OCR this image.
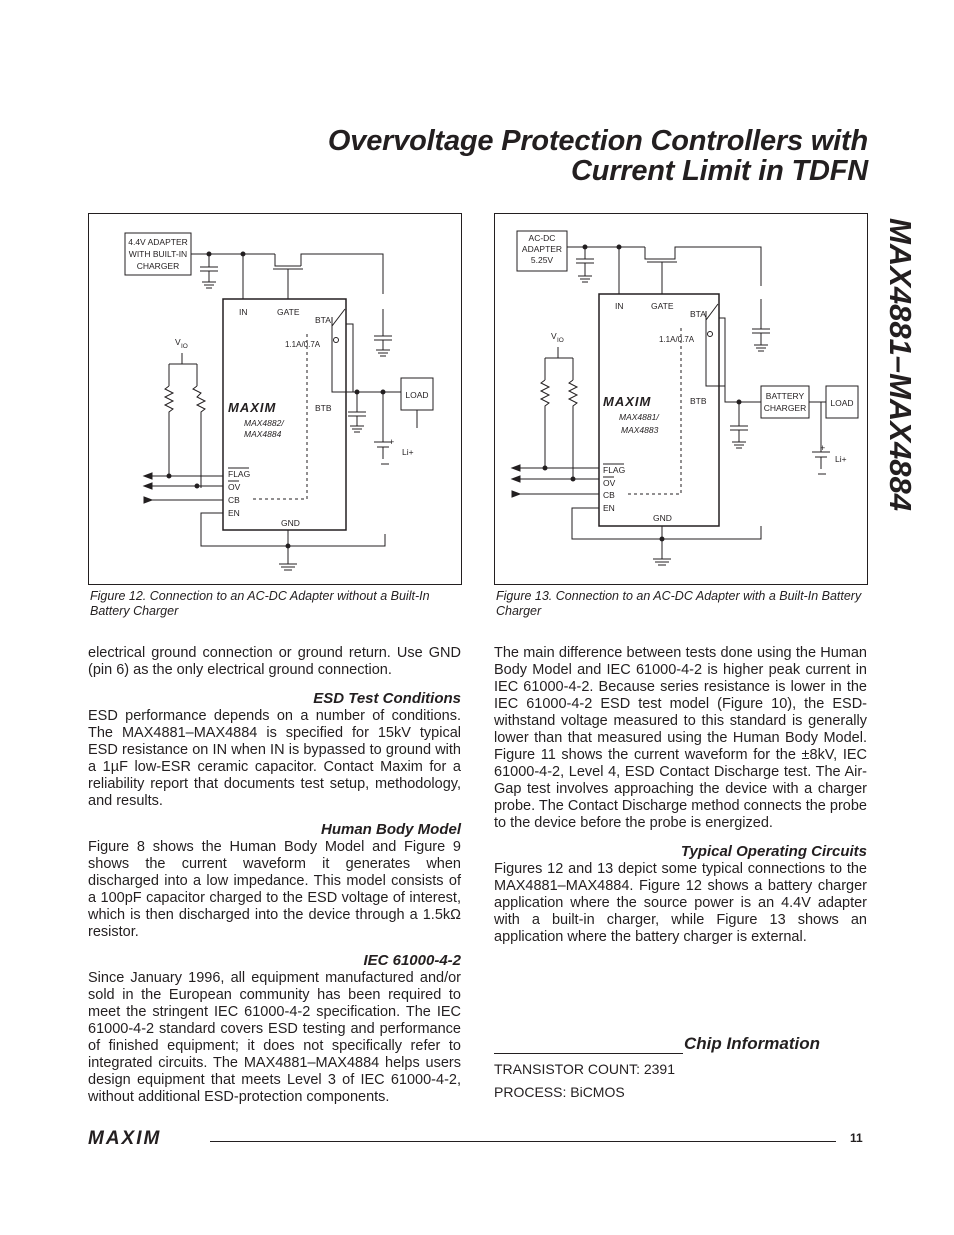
Overvoltage Protection Controllers with
Current Limit in TDFN
MAX4881–MAX4884
4.4V ADAPTER
WITH BUILT-IN
CHARGER
IN	GATE
BTA
BTB
GND
FLAG
OV
CB
EN
1.1A/0.7A
MAXIM
MAX4882/
MAX4884
LOAD
+
Li+
V IO
Figure 12. Connection to an AC-DC Adapter without a Built-In Battery Charger
AC-DC
ADAPTER
5.25V
IN	GATE
BTA
BTB
GND
FLAG
OV
CB
EN
1.1A/0.7A
MAXIM
MAX4881/
MAX4883
BATTERY
CHARGER	LOAD
+
Li+
V IO
Figure 13. Connection to an AC-DC Adapter with a Built-In Battery Charger

electrical ground connection or ground return. Use GND (pin 6) as the only electrical ground connection.

ESD Test Conditions

ESD performance depends on a number of conditions. The MAX4881–MAX4884 is specified for 15kV typical ESD resistance on IN when IN is bypassed to ground with a 1µF low-ESR ceramic capacitor. Contact Maxim for a reliability report that documents test setup, methodology, and results.

Human Body Model

Figure 8 shows the Human Body Model and Figure 9 shows the current waveform it generates when discharged into a low impedance. This model consists of a 100pF capacitor charged to the ESD voltage of interest, which is then discharged into the device through a 1.5kΩ resistor.

IEC 61000-4-2

Since January 1996, all equipment manufactured and/or sold in the European community has been required to meet the stringent IEC 61000-4-2 specification. The IEC 61000-4-2 standard covers ESD testing and performance of finished equipment; it does not specifically refer to integrated circuits. The MAX4881–MAX4884 helps users design equipment that meets Level 3 of IEC 61000-4-2, without additional ESD-protection components.

The main difference between tests done using the Human Body Model and IEC 61000-4-2 is higher peak current in IEC 61000-4-2. Because series resistance is lower in the IEC 61000-4-2 ESD test model (Figure 10), the ESD-withstand voltage measured to this standard is generally lower than that measured using the Human Body Model. Figure 11 shows the current waveform for the ±8kV, IEC 61000-4-2, Level 4, ESD Contact Discharge test. The Air-Gap test involves approaching the device with a charger probe. The Contact Discharge method connects the probe to the device before the probe is energized.

Typical Operating Circuits

Figures 12 and 13 depict some typical connections to the MAX4881–MAX4884. Figure 12 shows a battery charger application where the source power is an 4.4V adapter with a built-in charger, while Figure 13 shows an application where the battery charger is external.

Chip Information
TRANSISTOR COUNT: 2391
PROCESS: BiCMOS
MAXIM	11
